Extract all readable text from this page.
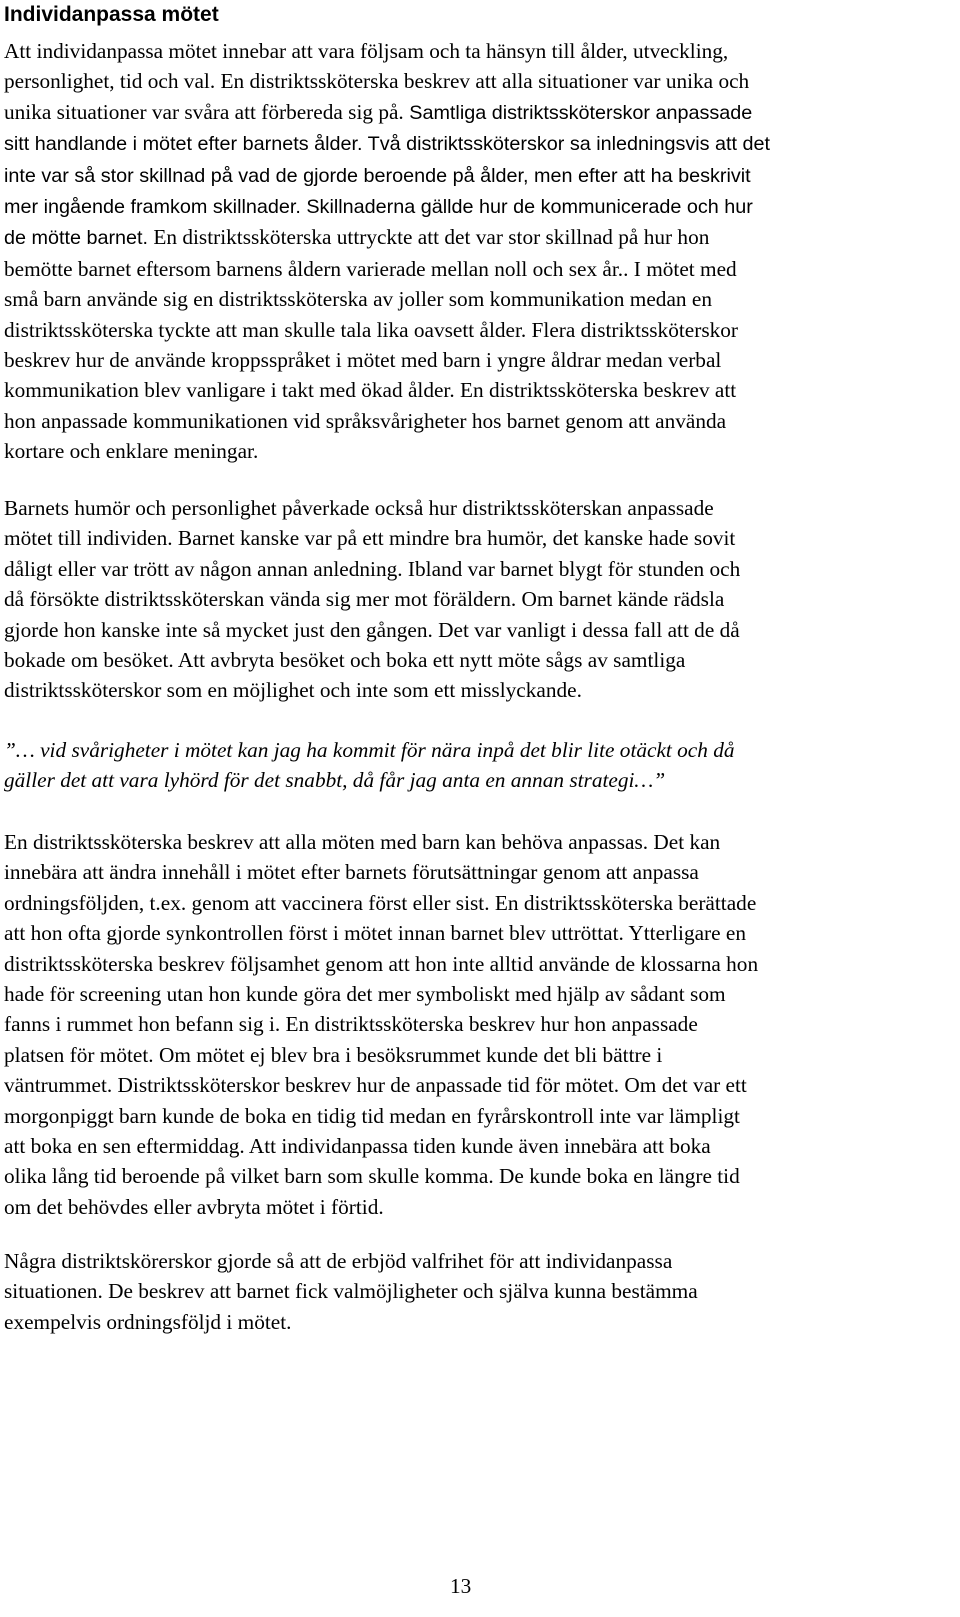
Individanpassa mötet
Att individanpassa mötet innebar att vara följsam och ta hänsyn till ålder, utveckling,
personlighet, tid och val. En distriktssköterska beskrev att alla situationer var unika och
unika situationer var svåra att förbereda sig på. Samtliga distriktssköterskor anpassade
sitt handlande i mötet efter barnets ålder. Två distriktssköterskor sa inledningsvis att det
inte var så stor skillnad på vad de gjorde beroende på ålder, men efter att ha beskrivit
mer ingående framkom skillnader. Skillnaderna gällde hur de kommunicerade och hur
de mötte barnet. En distriktssköterska uttryckte att det var stor skillnad på hur hon
bemötte barnet eftersom barnens åldern varierade mellan noll och sex år.. I mötet med
små barn använde sig en distriktssköterska av joller som kommunikation medan en
distriktssköterska tyckte att man skulle tala lika oavsett ålder. Flera distriktssköterskor
beskrev hur de använde kroppsspråket i mötet med barn i yngre åldrar medan verbal
kommunikation blev vanligare i takt med ökad ålder. En distriktssköterska beskrev att
hon anpassade kommunikationen vid språksvårigheter hos barnet genom att använda
kortare och enklare meningar.
Barnets humör och personlighet påverkade också hur distriktssköterskan anpassade
mötet till individen. Barnet kanske var på ett mindre bra humör, det kanske hade sovit
dåligt eller var trött av någon annan anledning. Ibland var barnet blygt för stunden och
då försökte distriktssköterskan vända sig mer mot föräldern. Om barnet kände rädsla
gjorde hon kanske inte så mycket just den gången. Det var vanligt i dessa fall att de då
bokade om besöket. Att avbryta besöket och boka ett nytt möte sågs av samtliga
distriktssköterskor som en möjlighet och inte som ett misslyckande.
”… vid svårigheter i mötet kan jag ha kommit för nära inpå det blir lite otäckt och då
gäller det att vara lyhörd för det snabbt, då får jag anta en annan strategi…”
En distriktssköterska beskrev att alla möten med barn kan behöva anpassas. Det kan
innebära att ändra innehåll i mötet efter barnets förutsättningar genom att anpassa
ordningsföljden, t.ex. genom att vaccinera först eller sist. En distriktssköterska berättade
att hon ofta gjorde synkontrollen först i mötet innan barnet blev uttröttat. Ytterligare en
distriktssköterska beskrev följsamhet genom att hon inte alltid använde de klossarna hon
hade för screening utan hon kunde göra det mer symboliskt med hjälp av sådant som
fanns i rummet hon befann sig i. En distriktssköterska beskrev hur hon anpassade
platsen för mötet. Om mötet ej blev bra i besöksrummet kunde det bli bättre i
väntrummet. Distriktssköterskor beskrev hur de anpassade tid för mötet. Om det var ett
morgonpiggt barn kunde de boka en tidig tid medan en fyrårskontroll inte var lämpligt
att boka en sen eftermiddag. Att individanpassa tiden kunde även innebära att boka
olika lång tid beroende på vilket barn som skulle komma. De kunde boka en längre tid
om det behövdes eller avbryta mötet i förtid.
Några distriktskörerskor gjorde så att de erbjöd valfrihet för att individanpassa
situationen. De beskrev att barnet fick valmöjligheter och själva kunna bestämma
exempelvis ordningsföljd i mötet.
13
